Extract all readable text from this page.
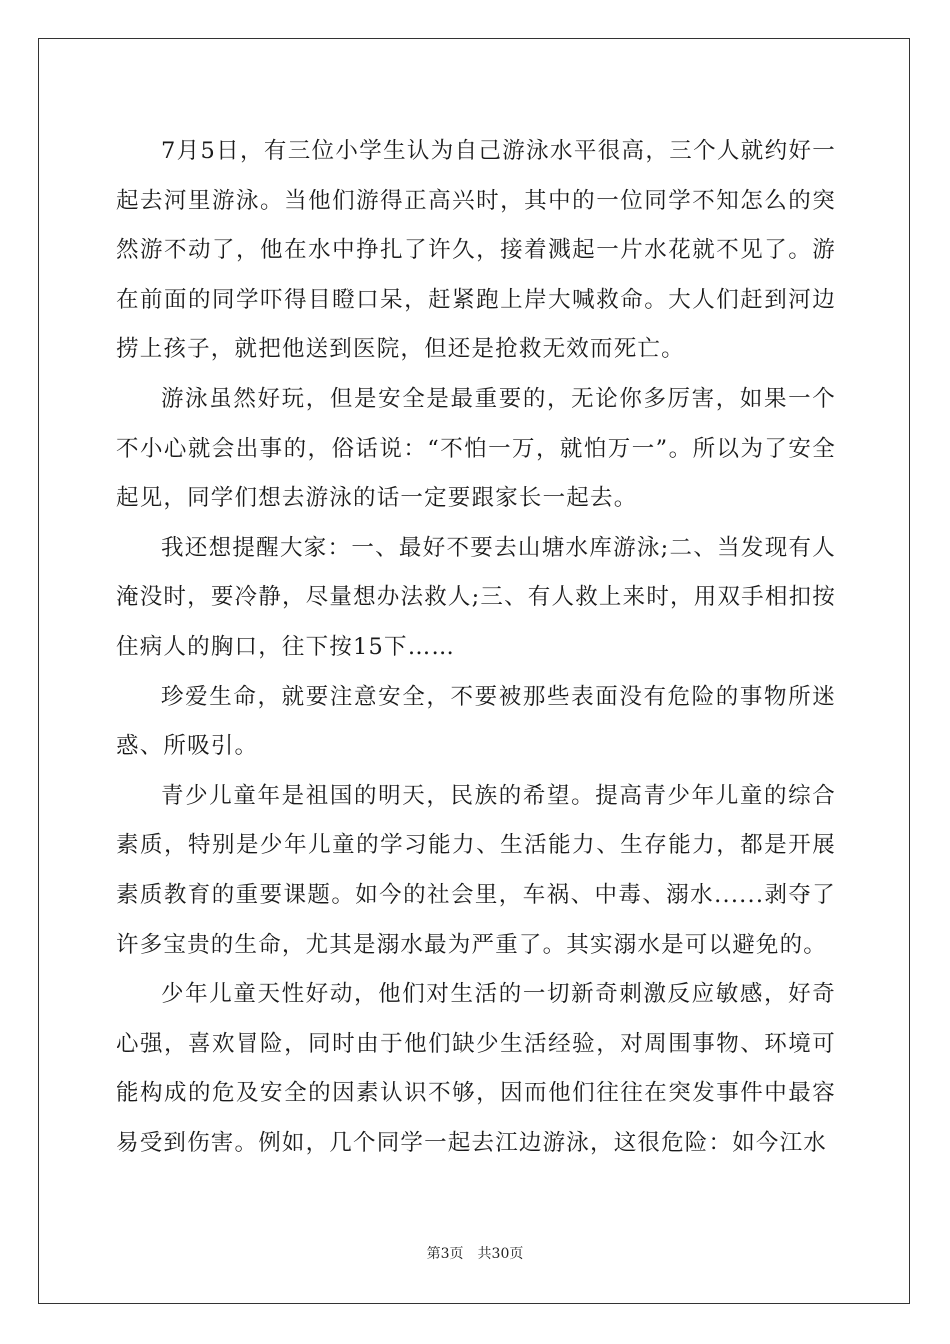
7月5日，有三位小学生认为自己游泳水平很高，三个人就约好一起去河里游泳。当他们游得正高兴时，其中的一位同学不知怎么的突然游不动了，他在水中挣扎了许久，接着溅起一片水花就不见了。游在前面的同学吓得目瞪口呆，赶紧跑上岸大喊救命。大人们赶到河边捞上孩子，就把他送到医院，但还是抢救无效而死亡。

游泳虽然好玩，但是安全是最重要的，无论你多厉害，如果一个不小心就会出事的，俗话说：“不怕一万，就怕万一”。所以为了安全起见，同学们想去游泳的话一定要跟家长一起去。

我还想提醒大家：一、最好不要去山塘水库游泳;二、当发现有人淹没时，要冷静，尽量想办法救人;三、有人救上来时，用双手相扣按住病人的胸口，往下按15下……

珍爱生命，就要注意安全，不要被那些表面没有危险的事物所迷惑、所吸引。

青少儿童年是祖国的明天，民族的希望。提高青少年儿童的综合素质，特别是少年儿童的学习能力、生活能力、生存能力，都是开展素质教育的重要课题。如今的社会里，车祸、中毒、溺水......剥夺了许多宝贵的生命，尤其是溺水最为严重了。其实溺水是可以避免的。

少年儿童天性好动，他们对生活的一切新奇刺激反应敏感，好奇心强，喜欢冒险，同时由于他们缺少生活经验，对周围事物、环境可能构成的危及安全的因素认识不够，因而他们往往在突发事件中最容易受到伤害。例如，几个同学一起去江边游泳，这很危险：如今江水

第3页 共30页
